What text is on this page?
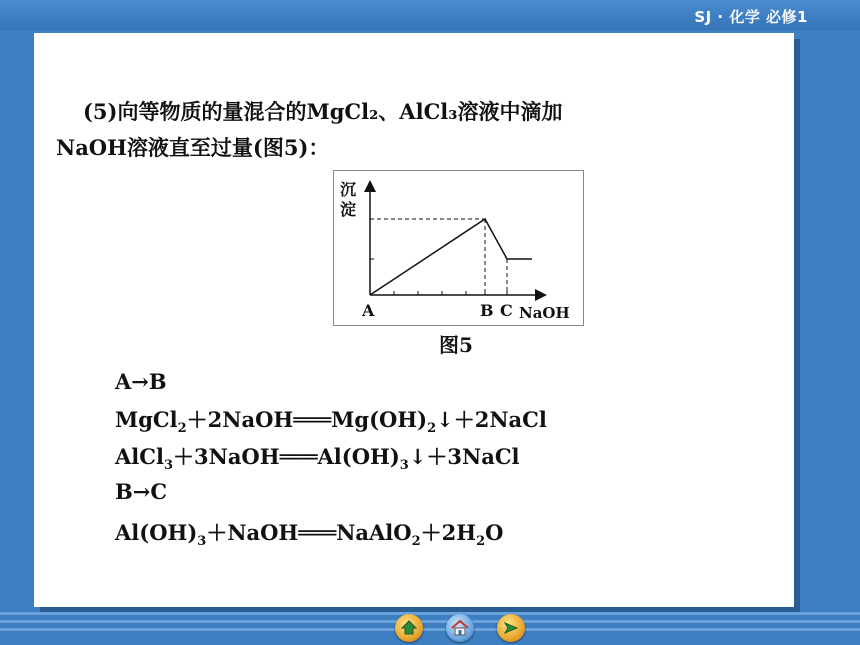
SJ · 化学 必修1
(5)向等物质的量混合的MgCl₂、AlCl₃溶液中滴加
NaOH溶液直至过量(图5)：
沉
淀
A	B C NaOH
图5
A→B
$MgCl_2+2NaOH═══Mg(OH)_2↓+2NaCl$
$AlCl_3+3NaOH═══Al(OH)_3↓+3NaCl$
B→C
$Al(OH)_3+NaOH═══NaAlO_2+2H_2O$
